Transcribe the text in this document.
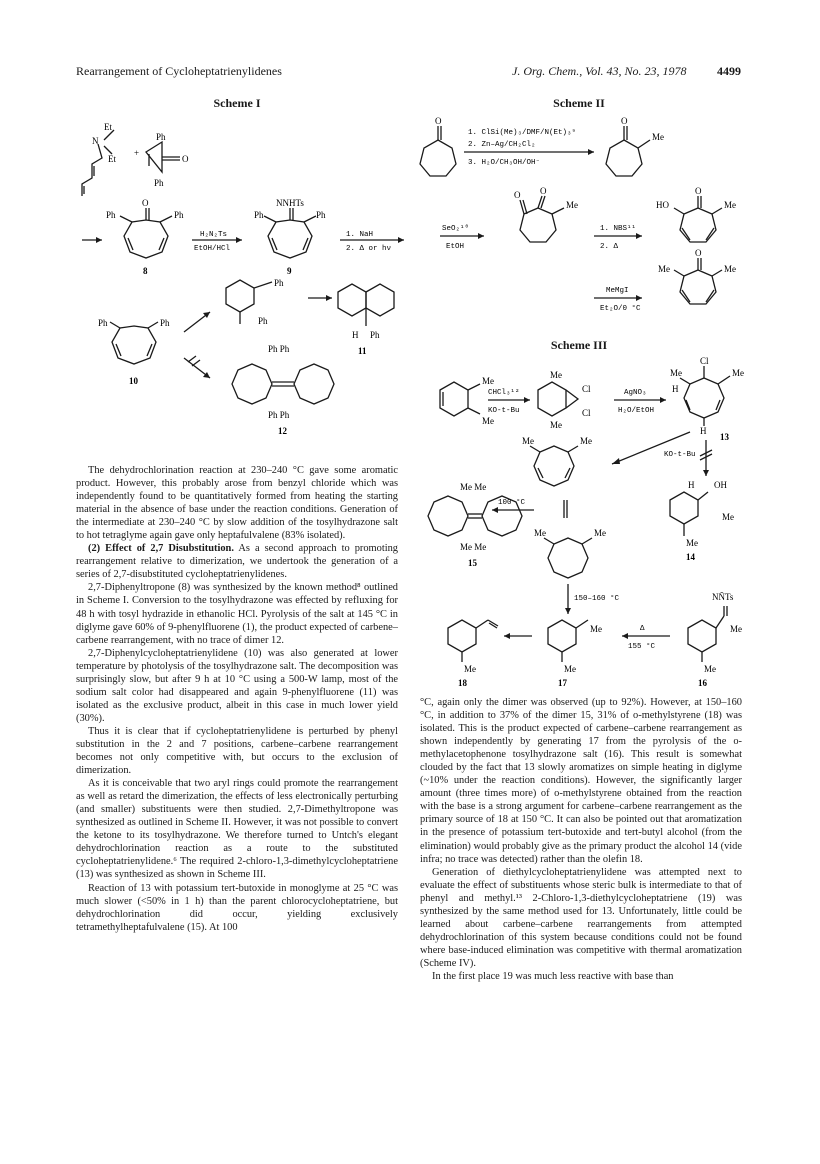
Rearrangement of Cycloheptatrienylidenes	J. Org. Chem., Vol. 43, No. 23, 1978	4499
Scheme I
Et
N
Et
+
Ph
Ph
O
O
Ph	Ph
8
H₂N₂Ts
EtOH/HCl
NNHTs
Ph	Ph
9
1. NaH
2. Δ or hν
Ph	Ph
10
Ph
Ph
H Ph
11
Ph Ph
Ph Ph
12
Scheme II
O
1. ClSi(Me)₃/DMF/N(Et)₃⁹
2. Zn–Ag/CH₂Cl₂
3. H₂O/CH₃OH/OH⁻
O
Me
SeO₂¹⁰
EtOH
O O
Me
1. NBS¹¹
2. Δ
HO
O
Me
MeMgI
Et₂O/0 °C
Me
O
Me
Scheme III
Me
Me
CHCl₃¹²
KO-t-Bu
Me
Cl
Cl
Me
AgNO₃
H₂O/EtOH
Me
Cl
Me
H
H
13
KO-t-Bu
Me	Me
100 °C
Me Me
Me Me
15
Me	Me
H OH
Me
Me
14
150–160 °C	NÑTs
Me
Me
16
Δ
155 °C
Me
Me
17
Me
18

The dehydrochlorination reaction at 230–240 °C gave some aromatic product. However, this probably arose from benzyl chloride which was independently found to be quantitatively formed from heating the starting material in the absence of base under the reaction conditions. Generation of the intermediate at 230–240 °C by slow addition of the tosylhydrazone salt to hot tetraglyme again gave only heptafulvalene (83% isolated).

(2) Effect of 2,7 Disubstitution. As a second approach to promoting rearrangement relative to dimerization, we undertook the generation of a series of 2,7-disubstituted cycloheptatrienylidenes.

2,7-Diphenyltropone (8) was synthesized by the known method⁸ outlined in Scheme I. Conversion to the tosylhydrazone was effected by refluxing for 48 h with tosyl hydrazide in ethanolic HCl. Pyrolysis of the salt at 145 °C in diglyme gave 60% of 9-phenylfluorene (1), the product expected of carbene–carbene rearrangement, with no trace of dimer 12.

2,7-Diphenylcycloheptatrienylidene (10) was also generated at lower temperature by photolysis of the tosylhydrazone salt. The decomposition was surprisingly slow, but after 9 h at 10 °C using a 500-W lamp, most of the sodium salt color had disappeared and again 9-phenylfluorene (11) was isolated as the exclusive product, albeit in this case in much lower yield (30%).

Thus it is clear that if cycloheptatrienylidene is perturbed by phenyl substitution in the 2 and 7 positions, carbene–carbene rearrangement becomes not only competitive with, but occurs to the exclusion of dimerization.

As it is conceivable that two aryl rings could promote the rearrangement as well as retard the dimerization, the effects of less electronically perturbing (and smaller) substituents were then studied. 2,7-Dimethyltropone was synthesized as outlined in Scheme II. However, it was not possible to convert the ketone to its tosylhydrazone. We therefore turned to Untch's elegant dehydrochlorination reaction as a route to the substituted cycloheptatrienylidene.⁶ The required 2-chloro-1,3-dimethylcycloheptatriene (13) was synthesized as shown in Scheme III.

Reaction of 13 with potassium tert-butoxide in monoglyme at 25 °C was much slower (<50% in 1 h) than the parent chlorocycloheptatriene, but dehydrochlorination did occur, yielding exclusively tetramethylheptafulvalene (15). At 100

°C, again only the dimer was observed (up to 92%). However, at 150–160 °C, in addition to 37% of the dimer 15, 31% of o-methylstyrene (18) was isolated. This is the product expected of carbene–carbene rearrangement as shown independently by generating 17 from the pyrolysis of the o-methylacetophenone tosylhydrazone salt (16). This result is somewhat clouded by the fact that 13 slowly aromatizes on simple heating in diglyme (~10% under the reaction conditions). However, the significantly larger amount (three times more) of o-methylstyrene obtained from the reaction with the base is a strong argument for carbene–carbene rearrangement as the primary source of 18 at 150 °C. It can also be pointed out that aromatization in the presence of potassium tert-butoxide and tert-butyl alcohol (from the elimination) would probably give as the primary product the alcohol 14 (vide infra; no trace was detected) rather than the olefin 18.

Generation of diethylcycloheptatrienylidene was attempted next to evaluate the effect of substituents whose steric bulk is intermediate to that of phenyl and methyl.¹³ 2-Chloro-1,3-diethylcycloheptatriene (19) was synthesized by the same method used for 13. Unfortunately, little could be learned about carbene–carbene rearrangements from attempted dehydrochlorination of this system because conditions could not be found where base-induced elimination was competitive with thermal aromatization (Scheme IV).

In the first place 19 was much less reactive with base than
